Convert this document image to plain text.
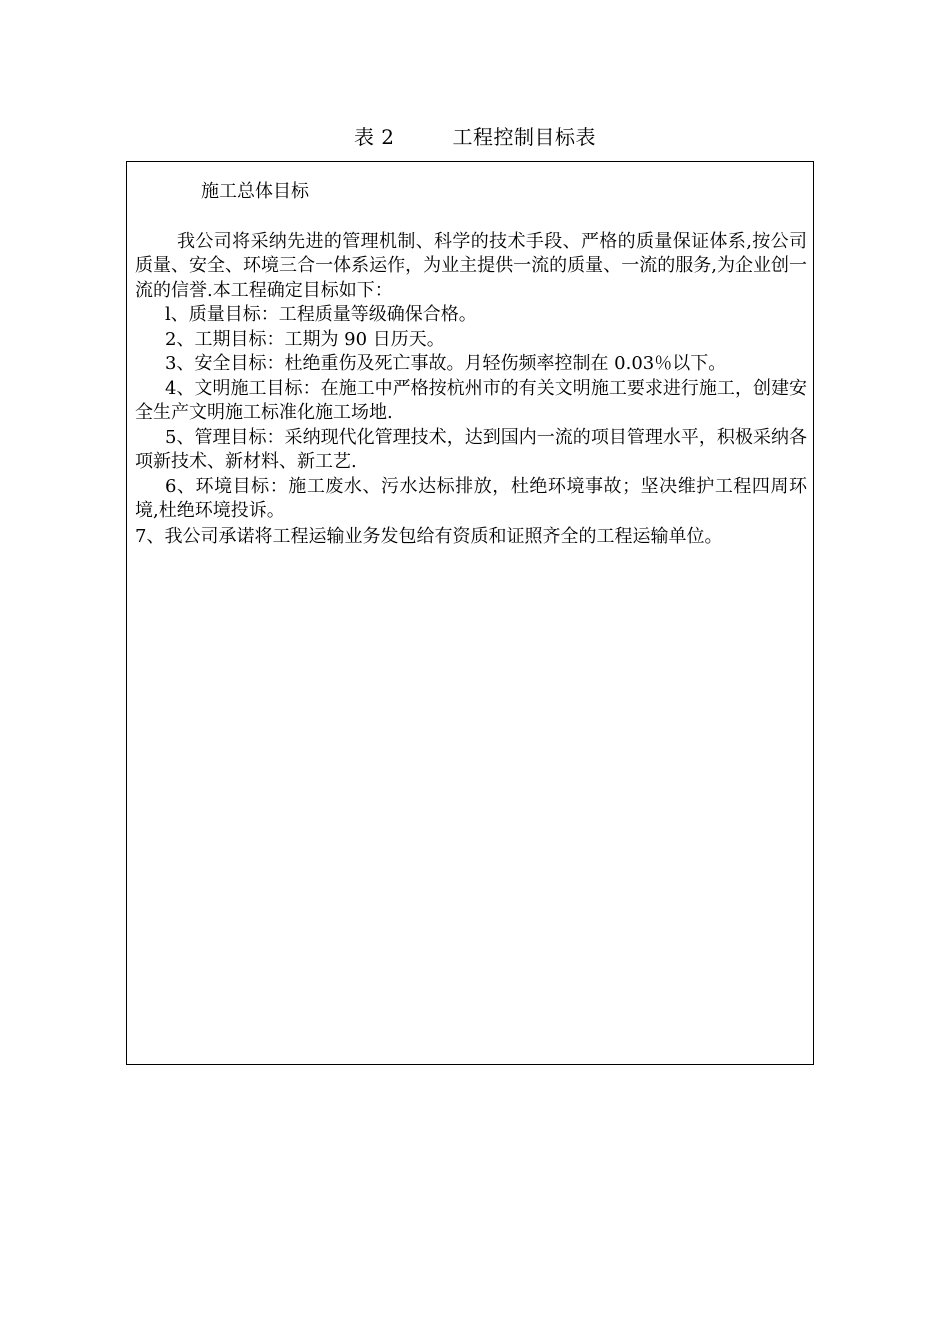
表 2	工程控制目标表
施工总体目标
我公司将采纳先进的管理机制、科学的技术手段、严格的质量保证体系,按公司质量、安全、环境三合一体系运作，为业主提供一流的质量、一流的服务,为企业创一流的信誉.本工程确定目标如下：
l、质量目标：工程质量等级确保合格。
2、工期目标：工期为 90 日历天。
3、安全目标：杜绝重伤及死亡事故。月轻伤频率控制在 0.03％以下。
4、文明施工目标：在施工中严格按杭州市的有关文明施工要求进行施工，创建安全生产文明施工标准化施工场地.
5、管理目标：采纳现代化管理技术，达到国内一流的项目管理水平，积极采纳各项新技术、新材料、新工艺.
6、环境目标：施工废水、污水达标排放，杜绝环境事故；坚决维护工程四周环境,杜绝环境投诉。
7、我公司承诺将工程运输业务发包给有资质和证照齐全的工程运输单位。
